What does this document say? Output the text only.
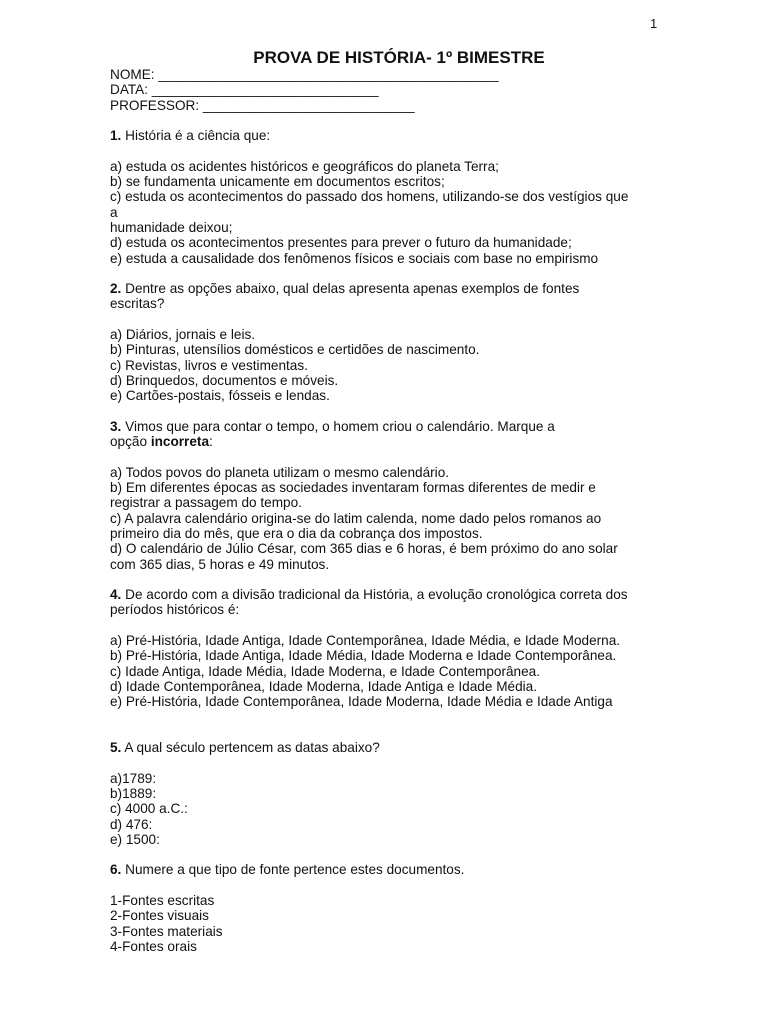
1
PROVA DE HISTÓRIA- 1º BIMESTRE
NOME: _____________________________________________
DATA: ______________________________
PROFESSOR: ____________________________
1. História é a ciência que:
a) estuda os acidentes históricos e geográficos do planeta Terra;
b) se fundamenta unicamente em documentos escritos;
c) estuda os acontecimentos do passado dos homens, utilizando-se dos vestígios que
a
humanidade deixou;
d) estuda os acontecimentos presentes para prever o futuro da humanidade;
e) estuda a causalidade dos fenômenos físicos e sociais com base no empirismo
2. Dentre as opções abaixo, qual delas apresenta apenas exemplos de fontes
escritas?
a) Diários, jornais e leis.
b) Pinturas, utensílios domésticos e certidões de nascimento.
c) Revistas, livros e vestimentas.
d) Brinquedos, documentos e móveis.
e) Cartões-postais, fósseis e lendas.
3. Vimos que para contar o tempo, o homem criou o calendário. Marque a
opção incorreta:
a) Todos povos do planeta utilizam o mesmo calendário.
b) Em diferentes épocas as sociedades inventaram formas diferentes de medir e
registrar a passagem do tempo.
c) A palavra calendário origina-se do latim calenda, nome dado pelos romanos ao
primeiro dia do mês, que era o dia da cobrança dos impostos.
d) O calendário de Júlio César, com 365 dias e 6 horas, é bem próximo do ano solar
com 365 dias, 5 horas e 49 minutos.
4. De acordo com a divisão tradicional da História, a evolução cronológica correta dos
períodos históricos é:
a) Pré-História, Idade Antiga, Idade Contemporânea, Idade Média, e Idade Moderna.
b) Pré-História, Idade Antiga, Idade Média, Idade Moderna e Idade Contemporânea.
c) Idade Antiga, Idade Média, Idade Moderna, e Idade Contemporânea.
d) Idade Contemporânea, Idade Moderna, Idade Antiga e Idade Média.
e) Pré-História, Idade Contemporânea, Idade Moderna, Idade Média e Idade Antiga
5. A qual século pertencem as datas abaixo?
a)1789:
b)1889:
c) 4000 a.C.:
d) 476:
e) 1500:
6. Numere a que tipo de fonte pertence estes documentos.
1-Fontes escritas
2-Fontes visuais
3-Fontes materiais
4-Fontes orais
